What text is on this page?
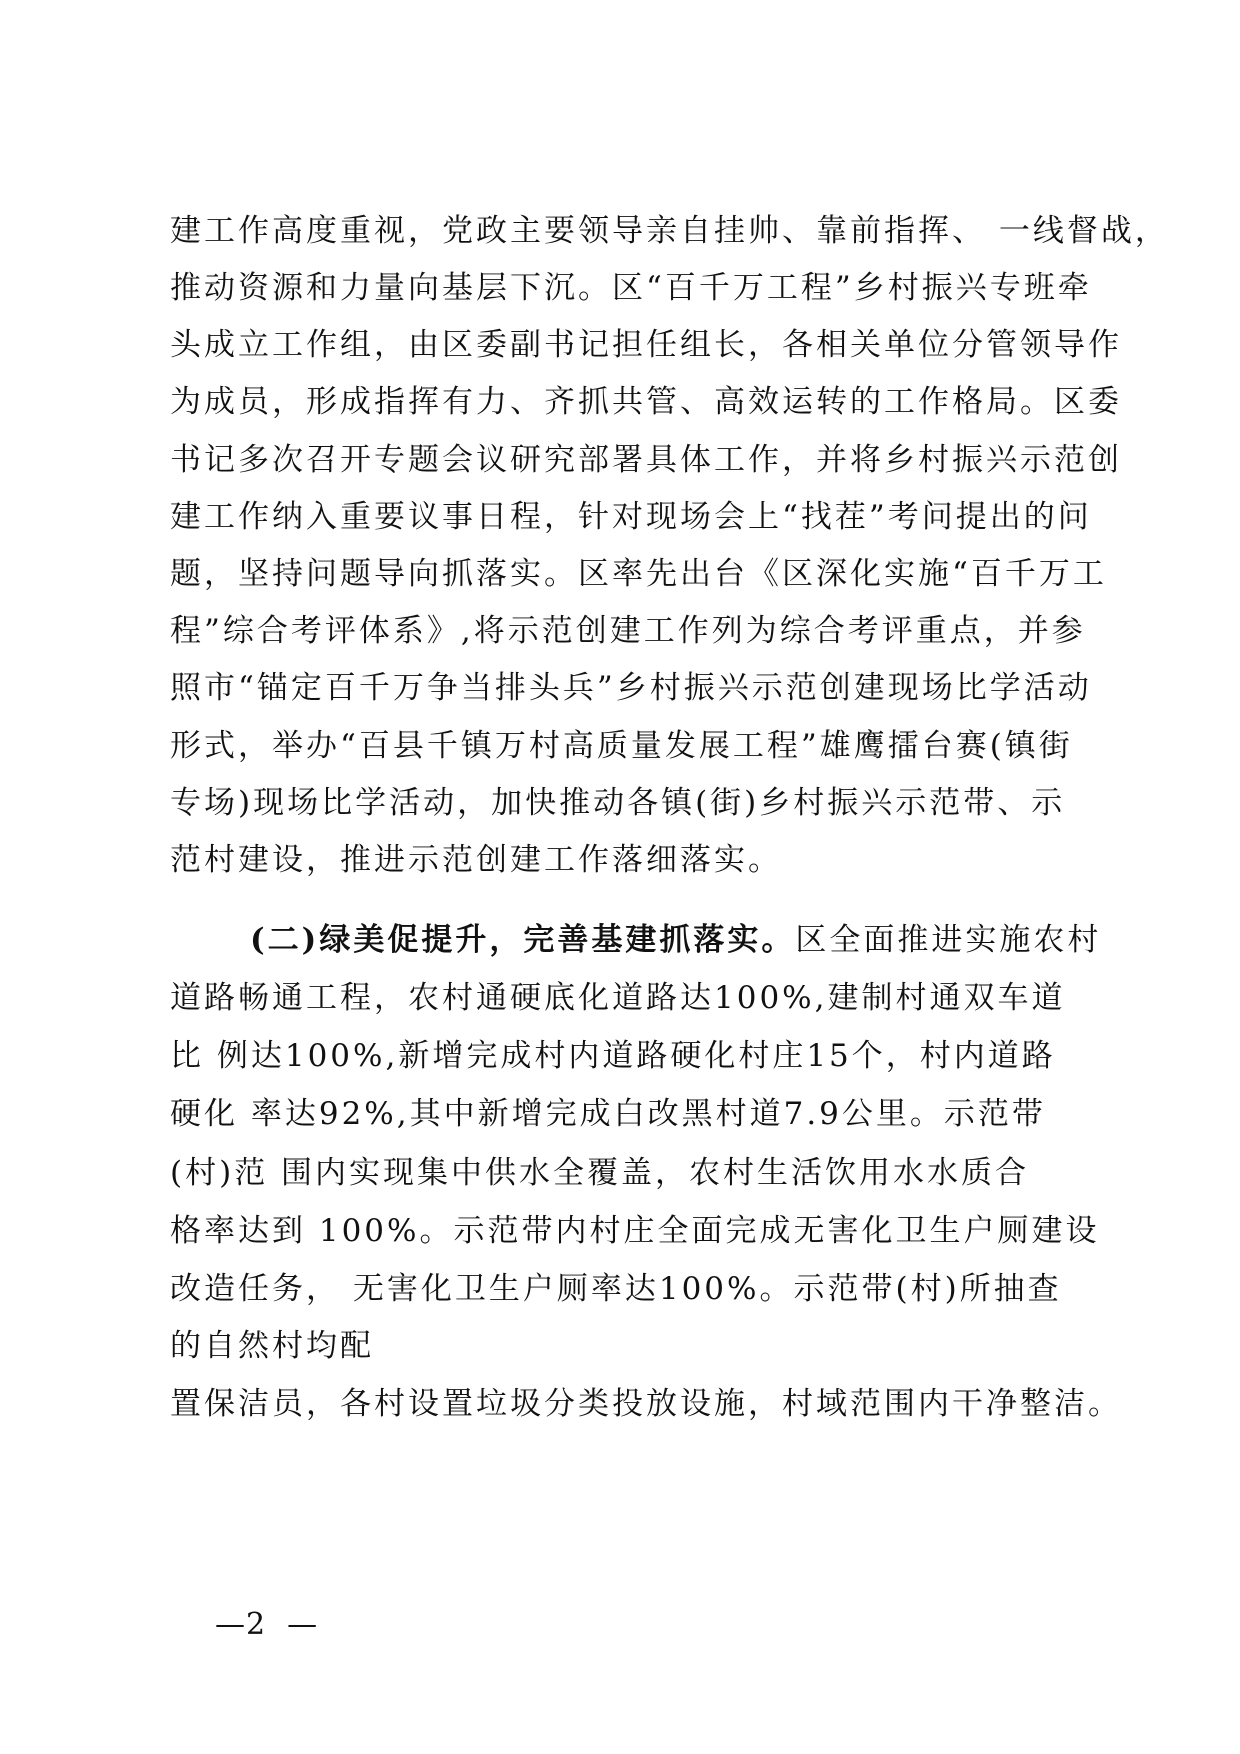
建工作高度重视，党政主要领导亲自挂帅、靠前指挥、 一线督战，
推动资源和力量向基层下沉。区“百千万工程”乡村振兴专班牵
头成立工作组，由区委副书记担任组长，各相关单位分管领导作
为成员，形成指挥有力、齐抓共管、高效运转的工作格局。区委
书记多次召开专题会议研究部署具体工作，并将乡村振兴示范创
建工作纳入重要议事日程，针对现场会上“找茬”考问提出的问
题，坚持问题导向抓落实。区率先出台《区深化实施“百千万工
程”综合考评体系》,将示范创建工作列为综合考评重点，并参
照市“锚定百千万争当排头兵”乡村振兴示范创建现场比学活动
形式，举办“百县千镇万村高质量发展工程”雄鹰擂台赛(镇街
专场)现场比学活动，加快推动各镇(街)乡村振兴示范带、示
范村建设，推进示范创建工作落细落实。
(二)绿美促提升，完善基建抓落实。区全面推进实施农村
道路畅通工程，农村通硬底化道路达100%,建制村通双车道
比 例达100%,新增完成村内道路硬化村庄15个，村内道路
硬化 率达92%,其中新增完成白改黑村道7.9公里。示范带
(村)范 围内实现集中供水全覆盖，农村生活饮用水水质合
格率达到 100%。示范带内村庄全面完成无害化卫生户厕建设
改造任务， 无害化卫生户厕率达100%。示范带(村)所抽查
的自然村均配
置保洁员，各村设置垃圾分类投放设施，村域范围内干净整洁。
—2  —
